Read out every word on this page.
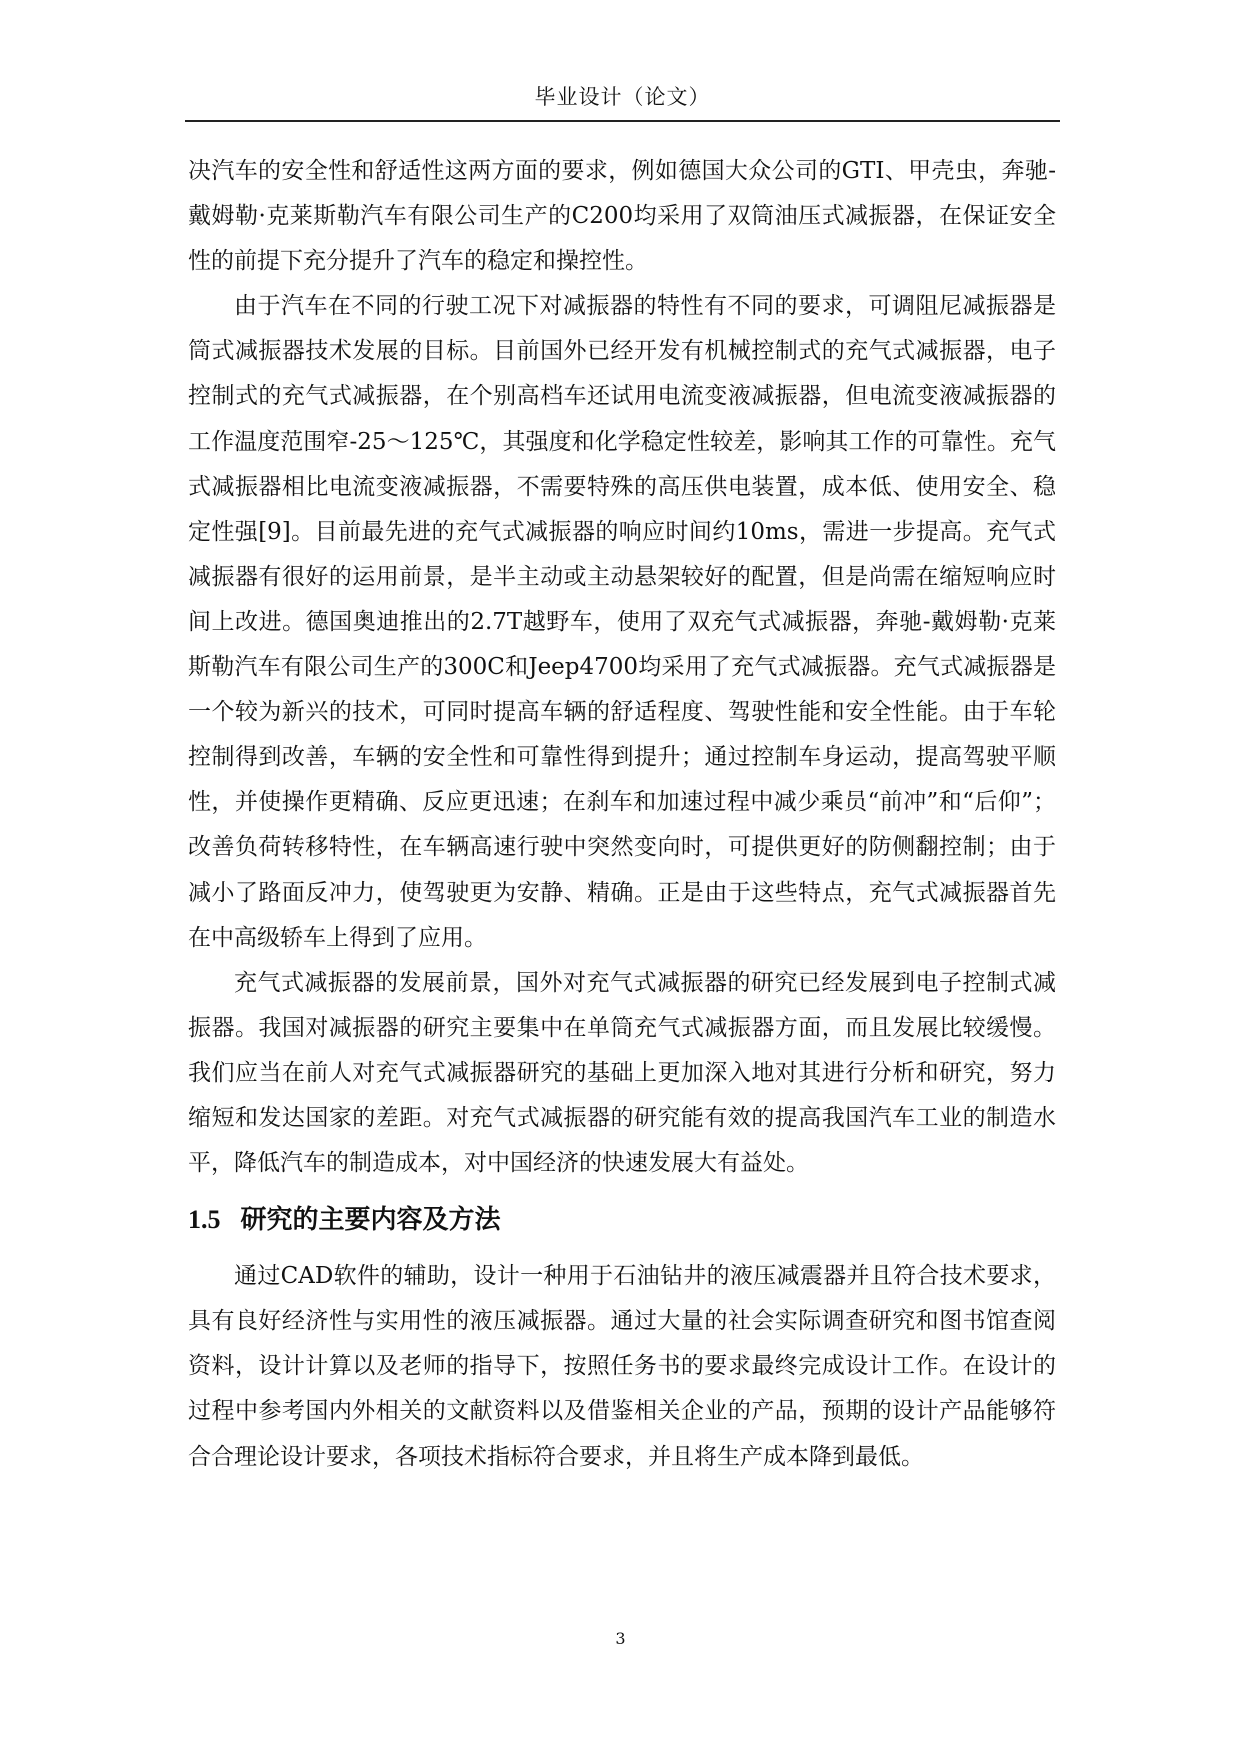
毕业设计（论文）

决汽车的安全性和舒适性这两方面的要求，例如德国大众公司的GTI、甲壳虫，奔驰-戴姆勒·克莱斯勒汽车有限公司生产的C200均采用了双筒油压式减振器，在保证安全性的前提下充分提升了汽车的稳定和操控性。

由于汽车在不同的行驶工况下对减振器的特性有不同的要求，可调阻尼减振器是筒式减振器技术发展的目标。目前国外已经开发有机械控制式的充气式减振器，电子控制式的充气式减振器，在个别高档车还试用电流变液减振器，但电流变液减振器的工作温度范围窄-25～125℃，其强度和化学稳定性较差，影响其工作的可靠性。充气式减振器相比电流变液减振器，不需要特殊的高压供电装置，成本低、使用安全、稳定性强[9]。目前最先进的充气式减振器的响应时间约10ms，需进一步提高。充气式减振器有很好的运用前景，是半主动或主动悬架较好的配置，但是尚需在缩短响应时间上改进。德国奥迪推出的2.7T越野车，使用了双充气式减振器，奔驰-戴姆勒·克莱斯勒汽车有限公司生产的300C和Jeep4700均采用了充气式减振器。充气式减振器是一个较为新兴的技术，可同时提高车辆的舒适程度、驾驶性能和安全性能。由于车轮控制得到改善，车辆的安全性和可靠性得到提升；通过控制车身运动，提高驾驶平顺性，并使操作更精确、反应更迅速；在刹车和加速过程中减少乘员“前冲”和“后仰”；改善负荷转移特性，在车辆高速行驶中突然变向时，可提供更好的防侧翻控制；由于减小了路面反冲力，使驾驶更为安静、精确。正是由于这些特点，充气式减振器首先在中高级轿车上得到了应用。

充气式减振器的发展前景，国外对充气式减振器的研究已经发展到电子控制式减振器。我国对减振器的研究主要集中在单筒充气式减振器方面，而且发展比较缓慢。我们应当在前人对充气式减振器研究的基础上更加深入地对其进行分析和研究，努力缩短和发达国家的差距。对充气式减振器的研究能有效的提高我国汽车工业的制造水平，降低汽车的制造成本，对中国经济的快速发展大有益处。

1.5 研究的主要内容及方法

通过CAD软件的辅助，设计一种用于石油钻井的液压减震器并且符合技术要求，具有良好经济性与实用性的液压减振器。通过大量的社会实际调查研究和图书馆查阅资料，设计计算以及老师的指导下，按照任务书的要求最终完成设计工作。在设计的过程中参考国内外相关的文献资料以及借鉴相关企业的产品，预期的设计产品能够符合合理论设计要求，各项技术指标符合要求，并且将生产成本降到最低。

3
